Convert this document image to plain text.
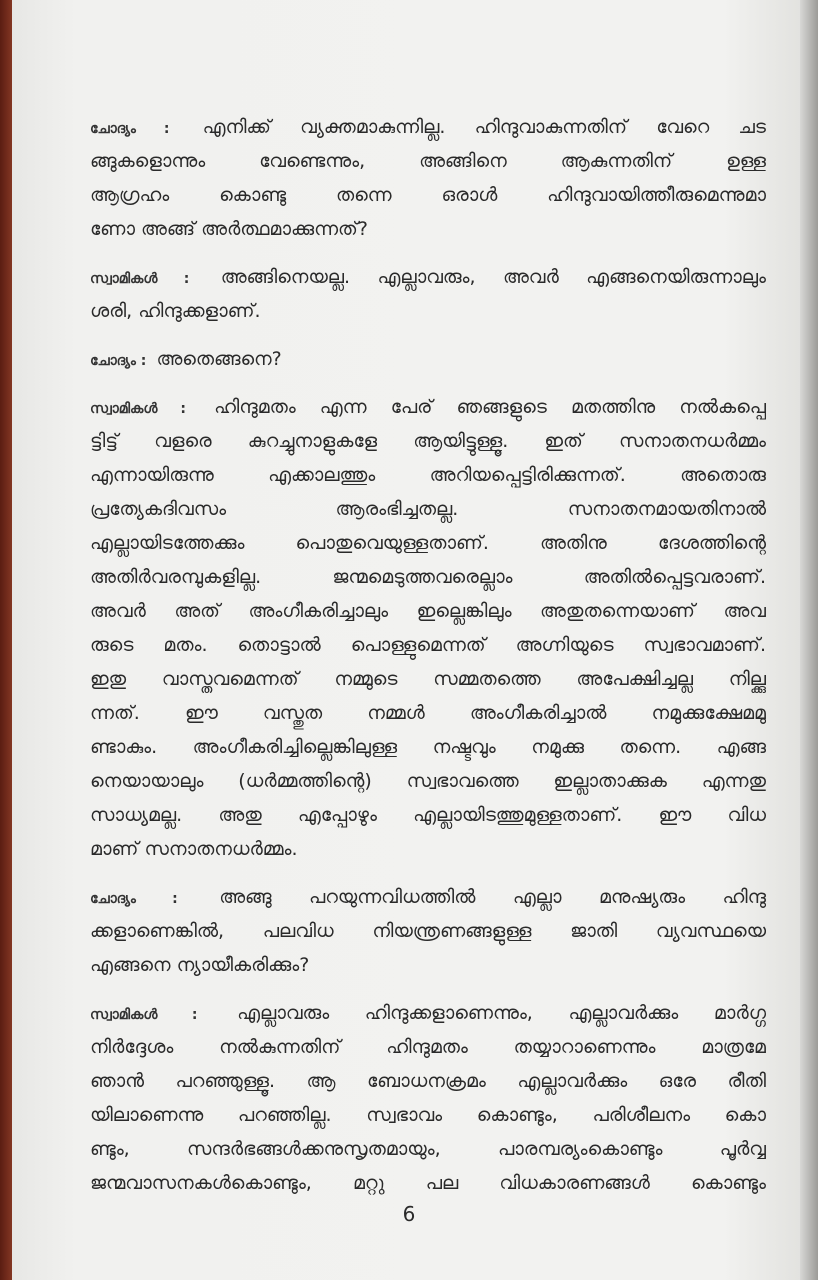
ചോദ്യം : എനിക്ക് വ്യക്തമാകുന്നില്ല. ഹിന്ദുവാകുന്നതിന് വേറെ ചട
ങ്ങുകളൊന്നും വേണ്ടെന്നും, അങ്ങിനെ ആകുന്നതിന് ഉള്ള
ആഗ്രഹം കൊണ്ടു തന്നെ ഒരാൾ ഹിന്ദുവായിത്തീരുമെന്നുമാ
ണോ അങ്ങ് അർത്ഥമാക്കുന്നത്?
സ്വാമികൾ : അങ്ങിനെയല്ല. എല്ലാവരും, അവർ എങ്ങനെയിരുന്നാലും
ശരി, ഹിന്ദുക്കളാണ്.
ചോദ്യം : അതെങ്ങനെ?
സ്വാമികൾ : ഹിന്ദുമതം എന്ന പേര് ഞങ്ങളുടെ മതത്തിനു നൽകപ്പെ
ട്ടിട്ട് വളരെ കുറച്ചുനാളുകളേ ആയിട്ടുള്ളൂ. ഇത് സനാതനധർമ്മം
എന്നായിരുന്നു എക്കാലത്തും അറിയപ്പെട്ടിരിക്കുന്നത്. അതൊരു
പ്രത്യേകദിവസം ആരംഭിച്ചതല്ല. സനാതനമായതിനാൽ
എല്ലായിടത്തേക്കും പൊതുവെയുള്ളതാണ്. അതിനു ദേശത്തിന്റെ
അതിർവരമ്പുകളില്ല. ജന്മമെടുത്തവരെല്ലാം അതിൽപ്പെട്ടവരാണ്.
അവർ അത് അംഗീകരിച്ചാലും ഇല്ലെങ്കിലും അതുതന്നെയാണ് അവ
രുടെ മതം. തൊട്ടാൽ പൊള്ളുമെന്നത് അഗ്നിയുടെ സ്വഭാവമാണ്.
ഇതു വാസ്തവമെന്നത് നമ്മുടെ സമ്മതത്തെ അപേക്ഷിച്ചല്ല നില്ക്കു
ന്നത്. ഈ വസ്തുത നമ്മൾ അംഗീകരിച്ചാൽ നമുക്കുക്ഷേമമു
ണ്ടാകും. അംഗീകരിച്ചില്ലെങ്കിലുള്ള നഷ്ടവും നമുക്കു തന്നെ. എങ്ങ
നെയായാലും (ധർമ്മത്തിന്റെ) സ്വഭാവത്തെ ഇല്ലാതാക്കുക എന്നതു
സാധ്യമല്ല. അതു എപ്പോഴും എല്ലായിടത്തുമുള്ളതാണ്. ഈ വിധ
മാണ് സനാതനധർമ്മം.
ചോദ്യം : അങ്ങു പറയുന്നവിധത്തിൽ എല്ലാ മനുഷ്യരും ഹിന്ദു
ക്കളാണെങ്കിൽ, പലവിധ നിയന്ത്രണങ്ങളുള്ള ജാതി വ്യവസ്ഥയെ
എങ്ങനെ ന്യായീകരിക്കും?
സ്വാമികൾ : എല്ലാവരും ഹിന്ദുക്കളാണെന്നും, എല്ലാവർക്കും മാർഗ്ഗ
നിർദ്ദേശം നൽകുന്നതിന് ഹിന്ദുമതം തയ്യാറാണെന്നും മാത്രമേ
ഞാൻ പറഞ്ഞുള്ളൂ. ആ ബോധനക്രമം എല്ലാവർക്കും ഒരേ രീതി
യിലാണെന്നു പറഞ്ഞില്ല. സ്വഭാവം കൊണ്ടും, പരിശീലനം കൊ
ണ്ടും, സന്ദർഭങ്ങൾക്കനുസൃതമായും, പാരമ്പര്യംകൊണ്ടും പൂർവ്വ
ജന്മവാസനകൾകൊണ്ടും, മറ്റു പല വിധകാരണങ്ങൾ കൊണ്ടും
6
